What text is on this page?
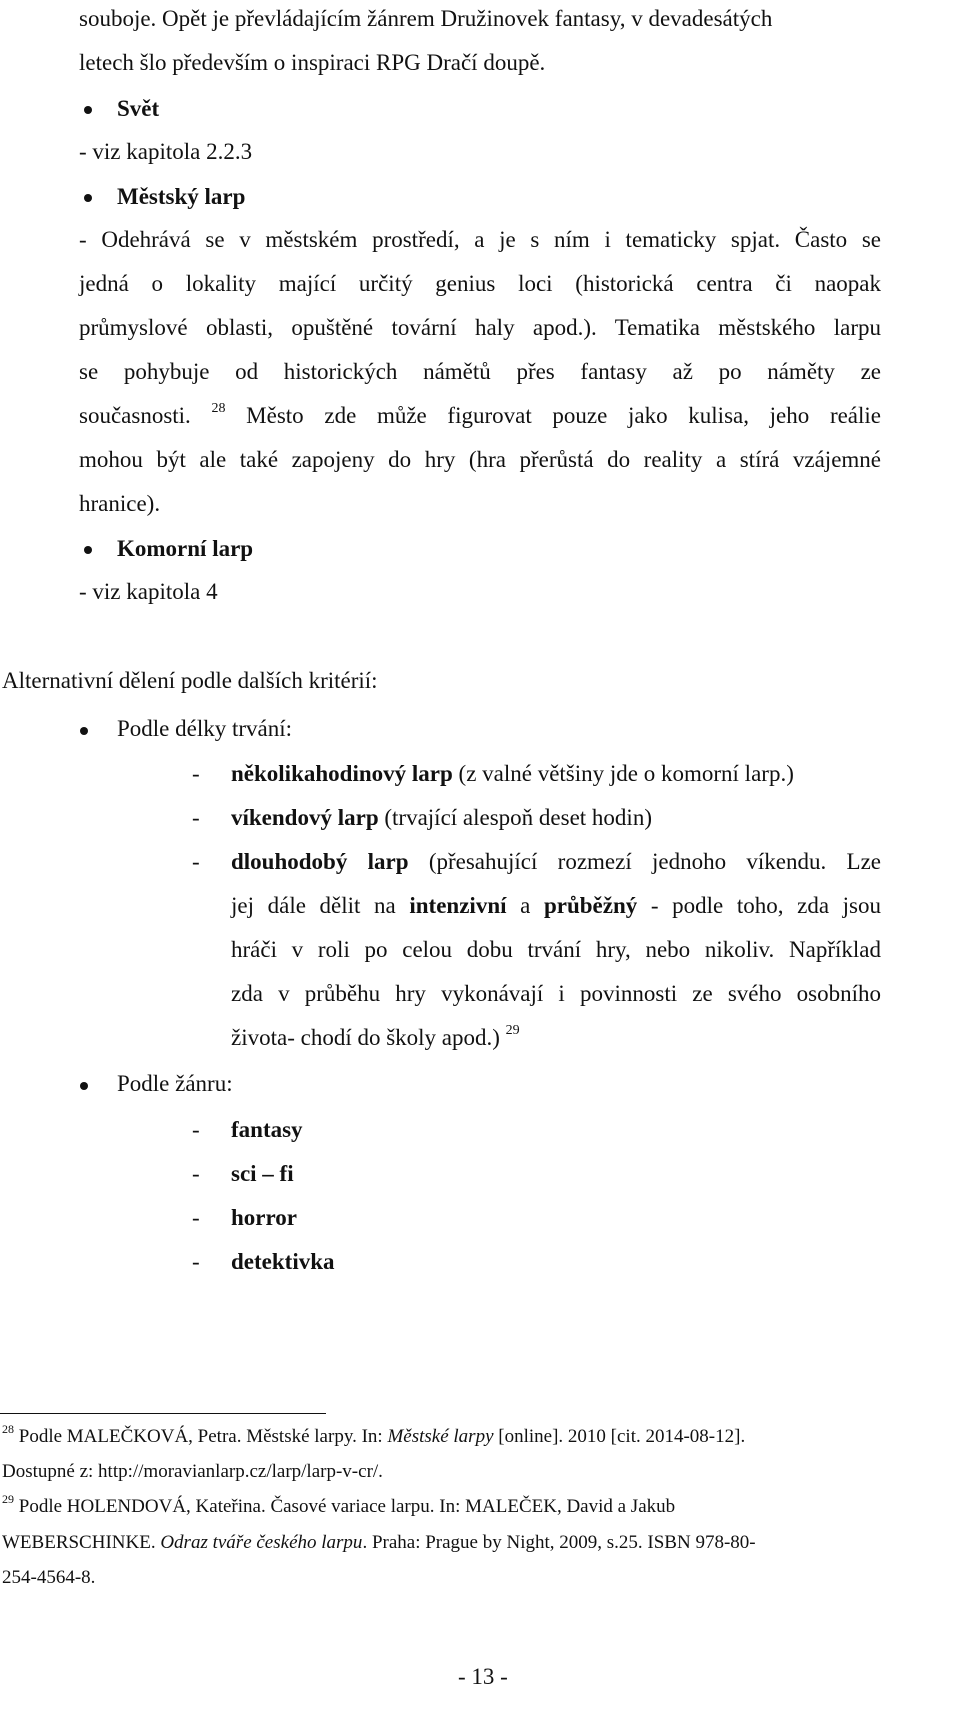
souboje. Opět je převládajícím žánrem Družinovek fantasy, v devadesátých
letech šlo především o inspiraci RPG Dračí doupě.
Svět
- viz kapitola 2.2.3
Městský larp
- Odehrává se v městském prostředí, a je s ním i tematicky spjat. Často se
jedná o lokality mající určitý genius loci (historická centra či naopak
průmyslové oblasti, opuštěné tovární haly apod.). Tematika městského larpu
se pohybuje od historických námětů přes fantasy až po náměty ze
současnosti. $^{28}$ Město zde může figurovat pouze jako kulisa, jeho reálie
mohou být ale také zapojeny do hry (hra přerůstá do reality a stírá vzájemné
hranice).
Komorní larp
- viz kapitola 4
Alternativní dělení podle dalších kritérií:
Podle délky trvání:
- několikahodinový larp (z valné většiny jde o komorní larp.)
- víkendový larp (trvající alespoň deset hodin)
- dlouhodobý larp (přesahující rozmezí jednoho víkendu. Lze
jej dále dělit na intenzivní a průběžný - podle toho, zda jsou
hráči v roli po celou dobu trvání hry, nebo nikoliv. Například
zda v průběhu hry vykonávají i povinnosti ze svého osobního
života- chodí do školy apod.) $^{29}$
Podle žánru:
- fantasy
- sci – fi
- horror
- detektivka
$^{28}$ Podle MALEČKOVÁ, Petra. Městské larpy. In: Městské larpy [online]. 2010 [cit. 2014-08-12].
Dostupné z: http://moravianlarp.cz/larp/larp-v-cr/.
$^{29}$ Podle HOLENDOVÁ, Kateřina. Časové variace larpu. In: MALEČEK, David a Jakub
WEBERSCHINKE. Odraz tváře českého larpu. Praha: Prague by Night, 2009, s.25. ISBN 978-80-
254-4564-8.
- 13 -
